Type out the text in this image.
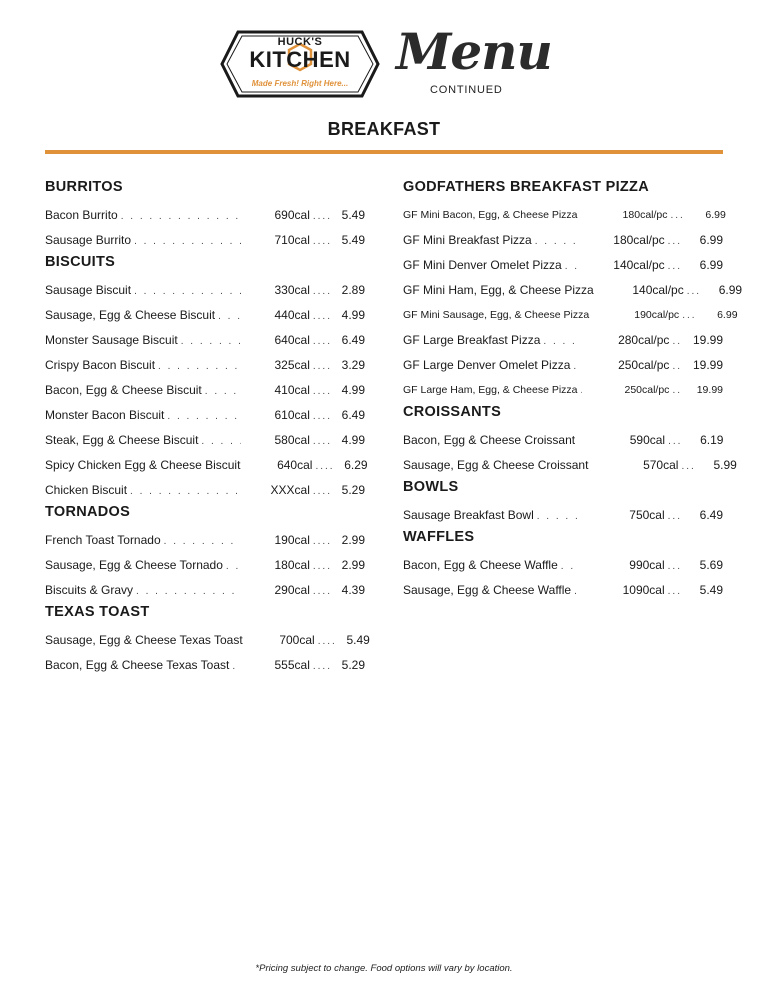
HUCK'S
KITCHEN
Made Fresh! Right Here...
Menu
CONTINUED
BREAKFAST
BURRITOS
Bacon Burrito . . .	690cal .... 5.49
Sausage Burrito . . .	710cal .... 5.49
BISCUITS
Sausage Biscuit . . .	330cal .... 2.89
Sausage, Egg & Cheese Biscuit . . .	440cal .... 4.99
Monster Sausage Biscuit . . .	640cal .... 6.49
Crispy Bacon Biscuit . . .	325cal .... 3.29
Bacon, Egg & Cheese Biscuit . . .	410cal .... 4.99
Monster Bacon Biscuit . . .	610cal .... 6.49
Steak, Egg & Cheese Biscuit . . .	580cal .... 4.99
Spicy Chicken Egg & Cheese Biscuit	640cal .... 6.29
Chicken Biscuit . . .	XXXcal .... 5.29
TORNADOS
French Toast Tornado . . .	190cal .... 2.99
Sausage, Egg & Cheese Tornado . . .	180cal .... 2.99
Biscuits & Gravy . . .	290cal .... 4.39
TEXAS TOAST
Sausage, Egg & Cheese Texas Toast	700cal .... 5.49
Bacon, Egg & Cheese Texas Toast . . .	555cal .... 5.29
GODFATHERS BREAKFAST PIZZA
GF Mini Bacon, Egg, & Cheese Pizza	180cal/pc ...	6.99
GF Mini Breakfast Pizza . . .	180cal/pc ...	6.99
GF Mini Denver Omelet Pizza . . .	140cal/pc ...	6.99
GF Mini Ham, Egg, & Cheese Pizza	140cal/pc ...	6.99
GF Mini Sausage, Egg, & Cheese Pizza	190cal/pc ...	6.99
GF Large Breakfast Pizza . . .	280cal/pc .. 19.99
GF Large Denver Omelet Pizza . . .	250cal/pc .. 19.99
GF Large Ham, Egg, & Cheese Pizza . . .	250cal/pc ..	19.99
CROISSANTS
Bacon, Egg & Cheese Croissant	590cal ...	6.19
Sausage, Egg & Cheese Croissant	570cal ...	5.99
BOWLS
Sausage Breakfast Bowl . . .	750cal ...	6.49
WAFFLES
Bacon, Egg & Cheese Waffle . . .	990cal ...	5.69
Sausage, Egg & Cheese Waffle . . .	1090cal ...	5.49
*Pricing subject to change. Food options will vary by location.
